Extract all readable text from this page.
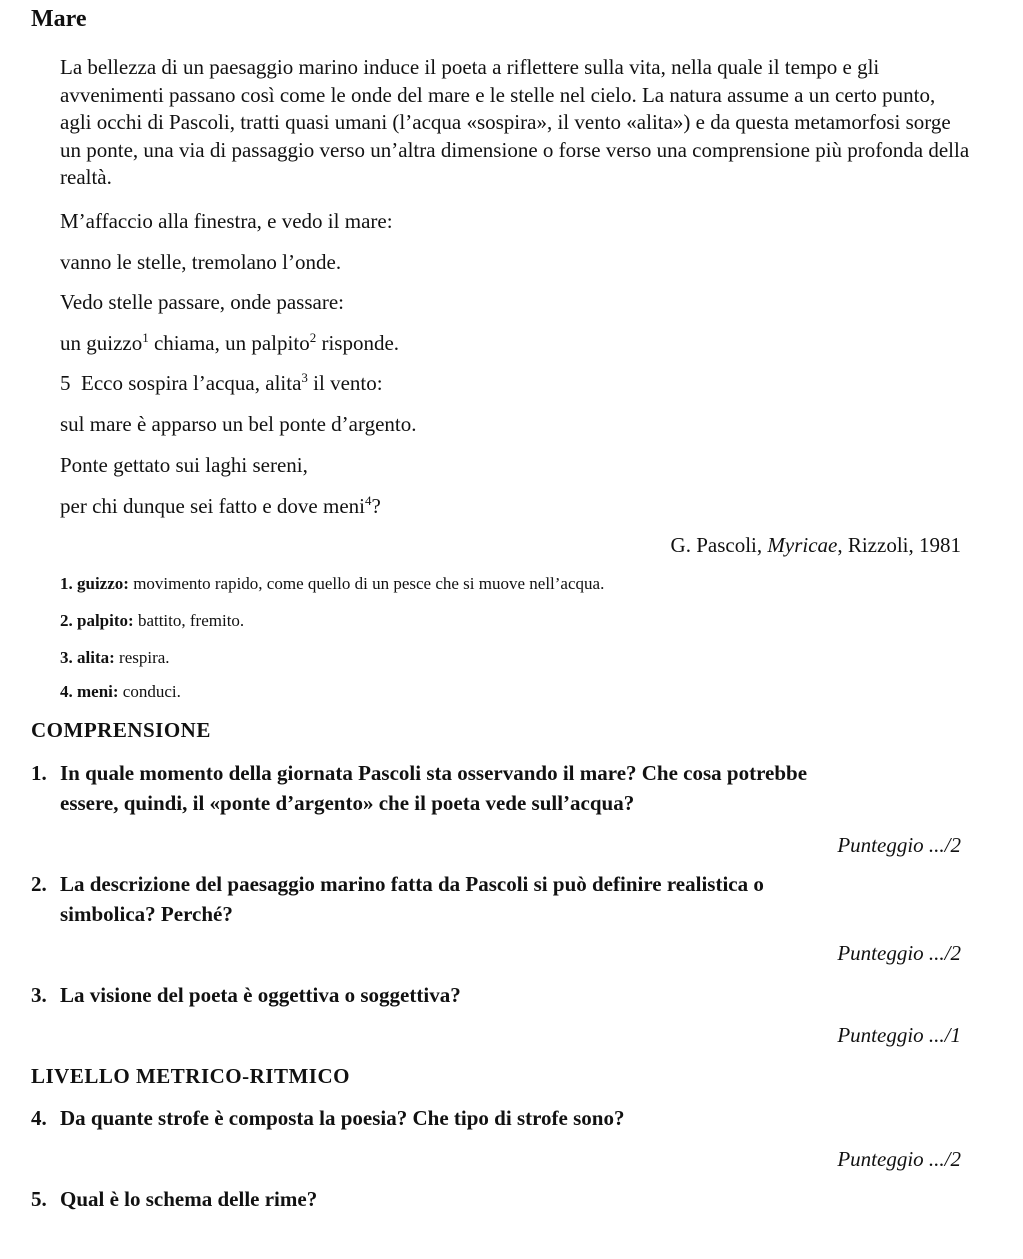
Mare
La bellezza di un paesaggio marino induce il poeta a riflettere sulla vita, nella quale il tempo e gli avvenimenti passano così come le onde del mare e le stelle nel cielo. La natura assume a un certo punto, agli occhi di Pascoli, tratti quasi umani (l’acqua «sospira», il vento «alita») e da questa metamorfosi sorge un ponte, una via di passaggio verso un’altra dimensione o forse verso una comprensione più profonda della realtà.
M’affaccio alla finestra, e vedo il mare:
vanno le stelle, tremolano l’onde.
Vedo stelle passare, onde passare:
un guizzo$^1$ chiama, un palpito$^2$ risponde.
5 Ecco sospira l’acqua, alita$^3$ il vento:
sul mare è apparso un bel ponte d’argento.
Ponte gettato sui laghi sereni,
per chi dunque sei fatto e dove meni$^4$?
G. Pascoli, Myricae, Rizzoli, 1981
1. guizzo: movimento rapido, come quello di un pesce che si muove nell’acqua.
2. palpito: battito, fremito.
3. alita: respira.
4. meni: conduci.
COMPRENSIONE
1. In quale momento della giornata Pascoli sta osservando il mare? Che cosa potrebbe
essere, quindi, il «ponte d’argento» che il poeta vede sull’acqua?
Punteggio .../2
2. La descrizione del paesaggio marino fatta da Pascoli si può definire realistica o
simbolica? Perché?
Punteggio .../2
3. La visione del poeta è oggettiva o soggettiva?
Punteggio .../1
LIVELLO METRICO-RITMICO
4. Da quante strofe è composta la poesia? Che tipo di strofe sono?
Punteggio .../2
5. Qual è lo schema delle rime?
